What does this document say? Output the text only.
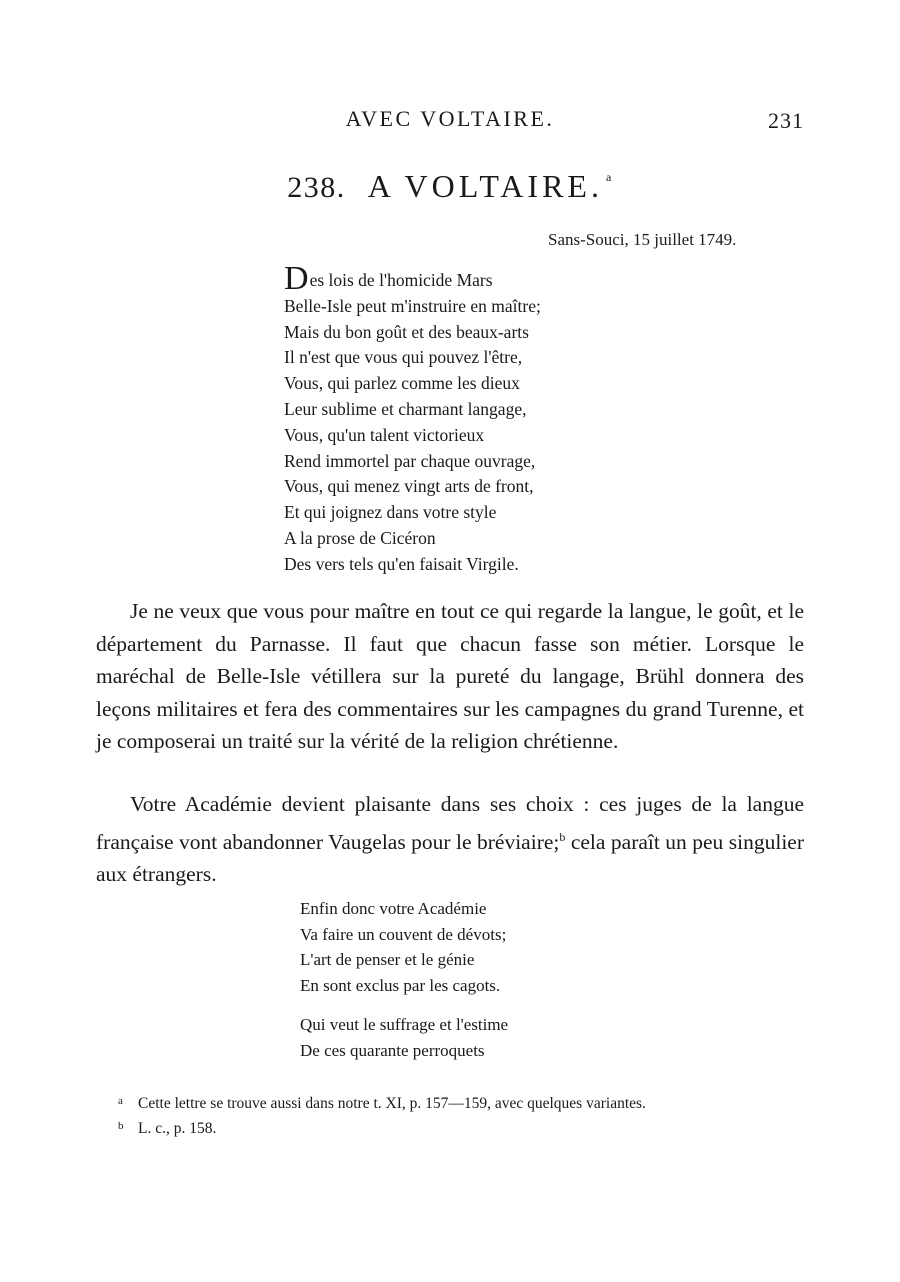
AVEC VOLTAIRE.	231
238. A VOLTAIRE. $^a$
Sans-Souci, 15 juillet 1749.
Des lois de l'homicide Mars
Belle-Isle peut m'instruire en maître;
Mais du bon goût et des beaux-arts
Il n'est que vous qui pouvez l'être,
Vous, qui parlez comme les dieux
Leur sublime et charmant langage,
Vous, qu'un talent victorieux
Rend immortel par chaque ouvrage,
Vous, qui menez vingt arts de front,
Et qui joignez dans votre style
A la prose de Cicéron
Des vers tels qu'en faisait Virgile.

Je ne veux que vous pour maître en tout ce qui regarde la langue, le goût, et le département du Parnasse. Il faut que chacun fasse son métier. Lorsque le maréchal de Belle-Isle vétillera sur la pureté du langage, Brühl donnera des leçons militaires et fera des commentaires sur les campagnes du grand Turenne, et je composerai un traité sur la vérité de la religion chrétienne.

Votre Académie devient plaisante dans ses choix : ces juges de la langue française vont abandonner Vaugelas pour le bréviaire;$^b$ cela paraît un peu singulier aux étrangers.

Enfin donc votre Académie
Va faire un couvent de dévots;
L'art de penser et le génie
En sont exclus par les cagots.
Qui veut le suffrage et l'estime
De ces quarante perroquets
a Cette lettre se trouve aussi dans notre t. XI, p. 157—159, avec quelques variantes.
b L. c., p. 158.
